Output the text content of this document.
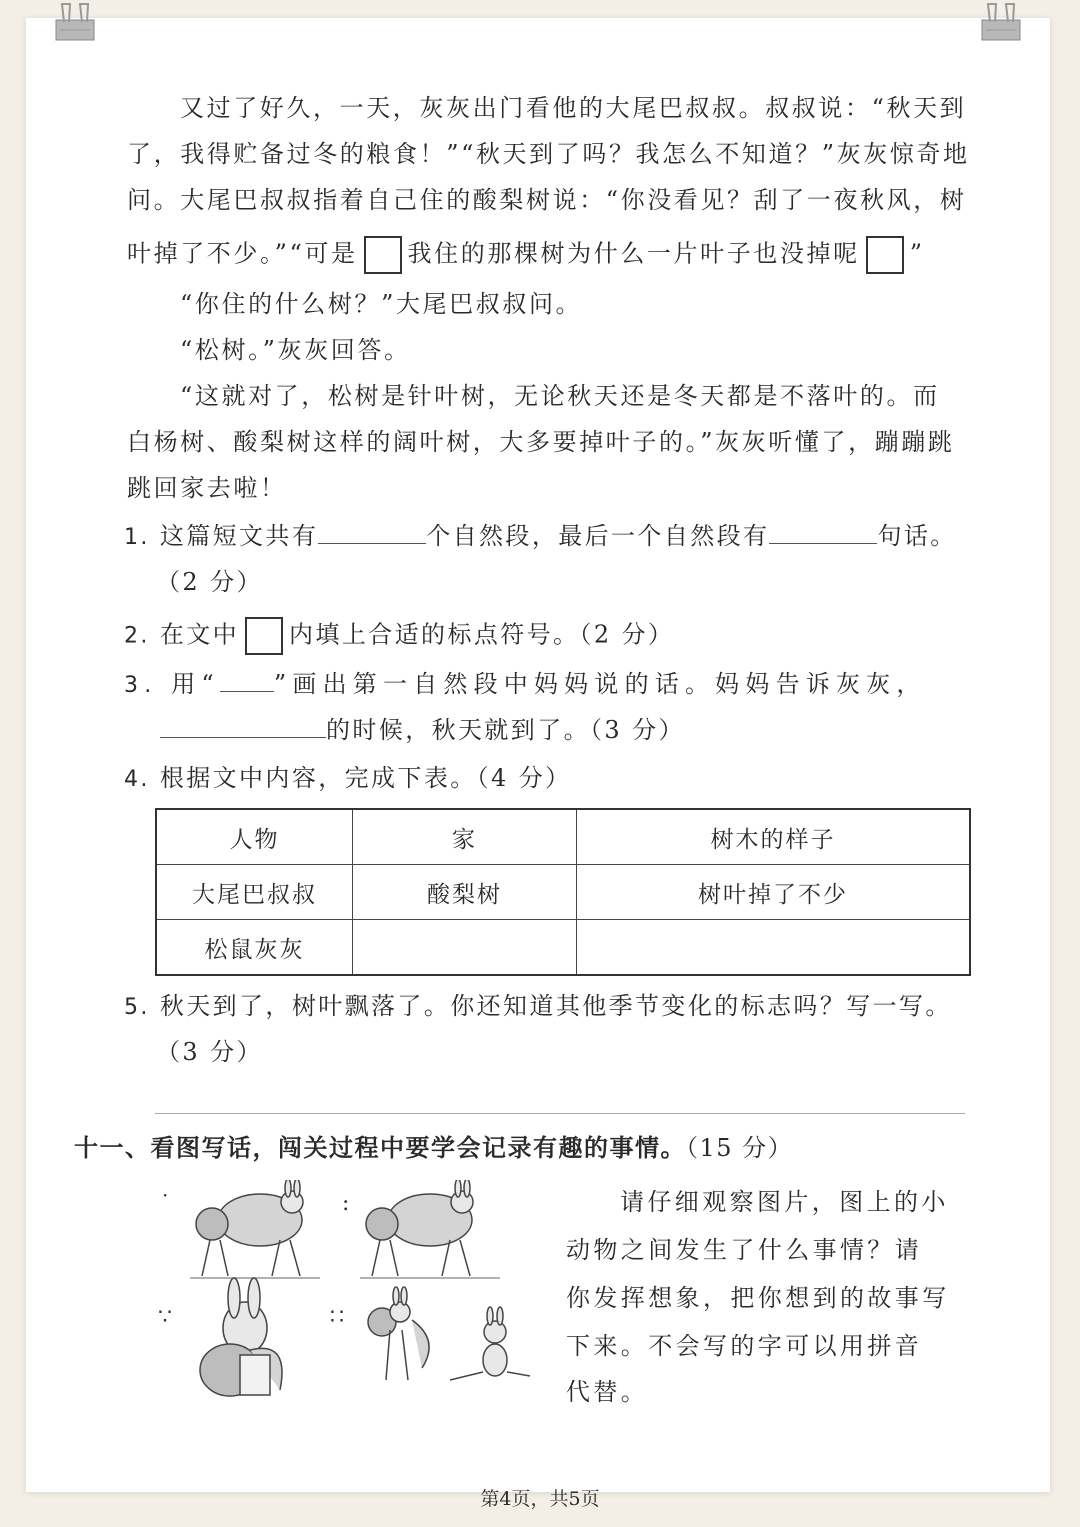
又过了好久，一天，灰灰出门看他的大尾巴叔叔。叔叔说：“秋天到
了，我得贮备过冬的粮食！”“秋天到了吗？我怎么不知道？”灰灰惊奇地
问。大尾巴叔叔指着自己住的酸梨树说：“你没看见？刮了一夜秋风，树
叶掉了不少。”“可是 我住的那棵树为什么一片叶子也没掉呢 ”
“你住的什么树？”大尾巴叔叔问。
“松树。”灰灰回答。
“这就对了，松树是针叶树，无论秋天还是冬天都是不落叶的。而
白杨树、酸梨树这样的阔叶树，大多要掉叶子的。”灰灰听懂了，蹦蹦跳
跳回家去啦！
1. 这篇短文共有	个自然段，最后一个自然段有	句话。
（2 分）
2. 在文中 内填上合适的标点符号。（2 分）
3. 用“ ”画出第一自然段中妈妈说的话。妈妈告诉灰灰，
的时候，秋天就到了。（3 分）
4. 根据文中内容，完成下表。（4 分）
人物	家	树木的样子
大尾巴叔叔	酸梨树	树叶掉了不少
松鼠灰灰		
5. 秋天到了，树叶飘落了。你还知道其他季节变化的标志吗？写一写。
（3 分）
十一、看图写话，闯关过程中要学会记录有趣的事情。（15 分）
·	:
∵	∷
请仔细观察图片，图上的小
动物之间发生了什么事情？请
你发挥想象，把你想到的故事写
下来。不会写的字可以用拼音
代替。
第4页，共5页
